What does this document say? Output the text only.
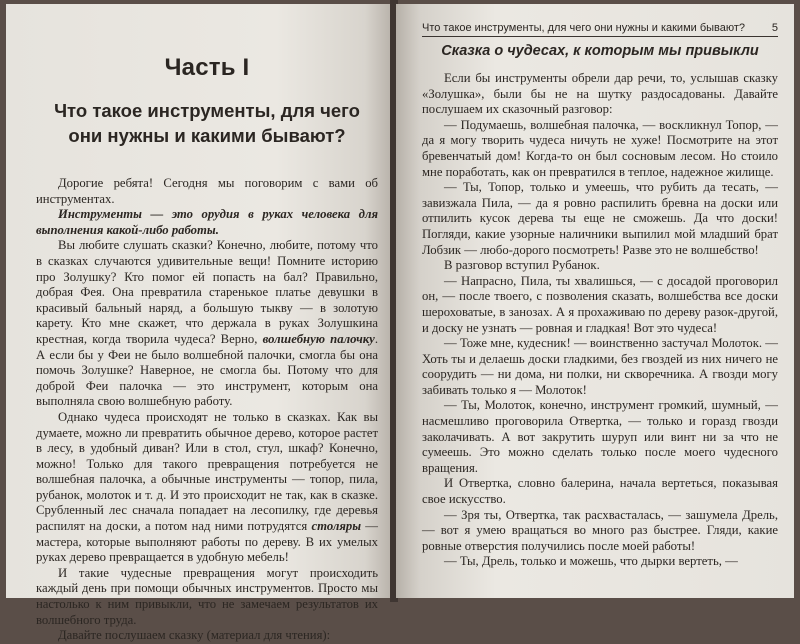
Часть I
Что такое инструменты, для чего они нужны и какими бывают?

Дорогие ребята! Сегодня мы поговорим с вами об инструментах.

Инструменты — это орудия в руках человека для выполнения какой-либо работы.

Вы любите слушать сказки? Конечно, любите, потому что в сказках случаются удивительные вещи! Помните историю про Золушку? Кто помог ей попасть на бал? Правильно, добрая Фея. Она превратила старенькое платье девушки в красивый бальный наряд, а большую тыкву — в золотую карету. Кто мне скажет, что держала в руках Золушкина крестная, когда творила чудеса? Верно, волшебную палочку. А если бы у Феи не было волшебной палочки, смогла бы она помочь Золушке? Наверное, не смогла бы. Потому что для доброй Феи палочка — это инструмент, которым она выполняла свою волшебную работу.

Однако чудеса происходят не только в сказках. Как вы думаете, можно ли превратить обычное дерево, которое растет в лесу, в удобный диван? Или в стол, стул, шкаф? Конечно, можно! Только для такого превращения потребуется не волшебная палочка, а обычные инструменты — топор, пила, рубанок, молоток и т. д. И это происходит не так, как в сказке. Срубленный лес сначала попадает на лесопилку, где деревья распилят на доски, а потом над ними потрудятся столяры — мастера, которые выполняют работы по дереву. В их умелых руках дерево превращается в удобную мебель!

И такие чудесные превращения могут происходить каждый день при помощи обычных инструментов. Просто мы настолько к ним привыкли, что не замечаем результатов их волшебного труда.

Давайте послушаем сказку (материал для чтения):

Что такое инструменты, для чего они нужны и какими бывают? 5
Сказка о чудесах, к которым мы привыкли

Если бы инструменты обрели дар речи, то, услышав сказку «Золушка», были бы не на шутку раздосадованы. Давайте послушаем их сказочный разговор:

— Подумаешь, волшебная палочка, — воскликнул Топор, — да я могу творить чудеса ничуть не хуже! Посмотрите на этот бревенчатый дом! Когда-то он был сосновым лесом. Но стоило мне поработать, как он превратился в теплое, надежное жилище.

— Ты, Топор, только и умеешь, что рубить да тесать, — завизжала Пила, — да я ровно распилить бревна на доски или отпилить кусок дерева ты еще не сможешь. Да что доски! Погляди, какие узорные наличники выпилил мой младший брат Лобзик — любо-дорого посмотреть! Разве это не волшебство!

В разговор вступил Рубанок.

— Напрасно, Пила, ты хвалишься, — с досадой проговорил он, — после твоего, с позволения сказать, волшебства все доски шероховатые, в занозах. А я прохаживаю по дереву разок-другой, и доску не узнать — ровная и гладкая! Вот это чудеса!

— Тоже мне, кудесник! — воинственно застучал Молоток. — Хоть ты и делаешь доски гладкими, без гвоздей из них ничего не соорудить — ни дома, ни полки, ни скворечника. А гвозди могу забивать только я — Молоток!

— Ты, Молоток, конечно, инструмент громкий, шумный, — насмешливо проговорила Отвертка, — только и горазд гвозди заколачивать. А вот закрутить шуруп или винт ни за что не сумеешь. Это можно сделать только после моего чудесного вращения.

И Отвертка, словно балерина, начала вертеться, показывая свое искусство.

— Зря ты, Отвертка, так расхвасталась, — зашумела Дрель, — вот я умею вращаться во много раз быстрее. Гляди, какие ровные отверстия получились после моей работы!

— Ты, Дрель, только и можешь, что дырки вертеть, —
